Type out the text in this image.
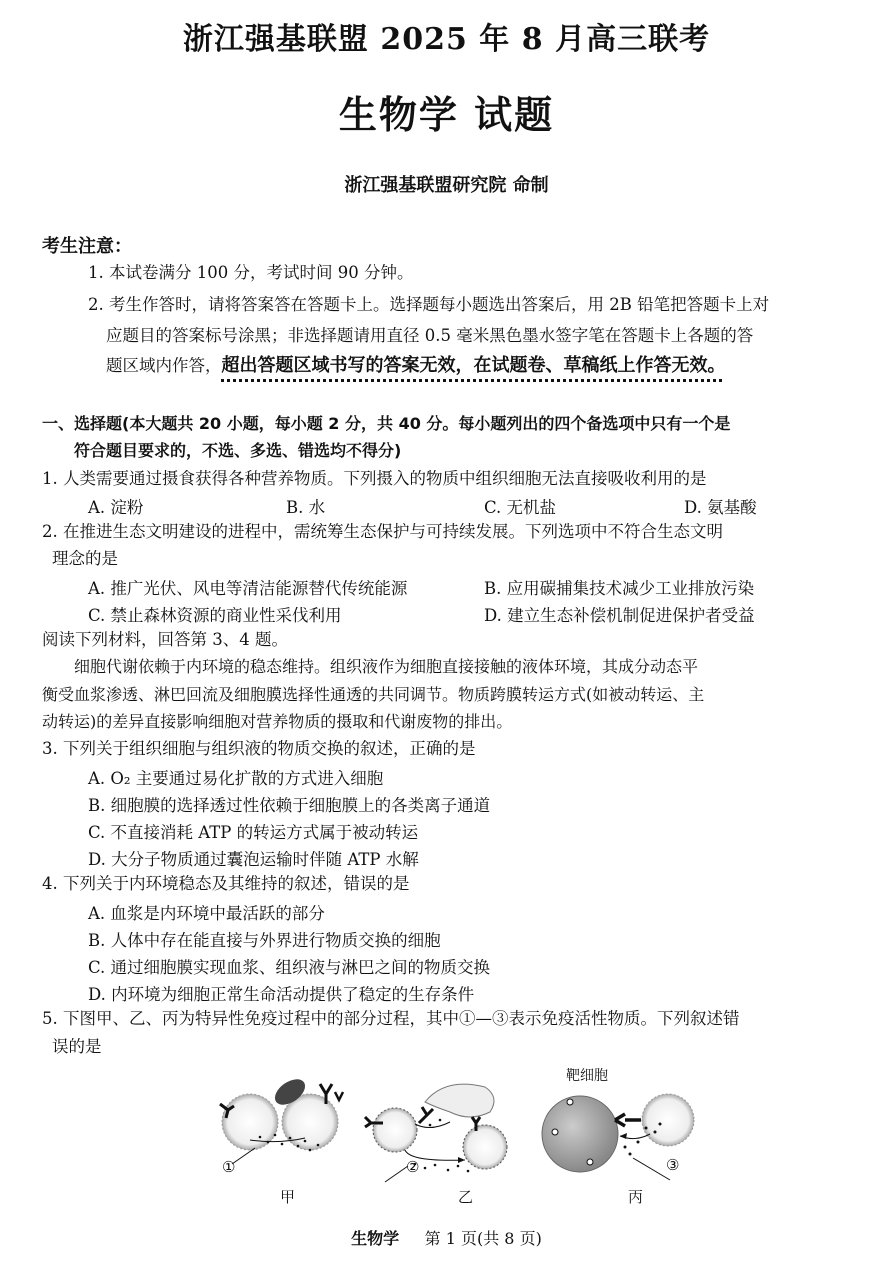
浙江强基联盟 2025 年 8 月高三联考
生物学 试题
浙江强基联盟研究院 命制
考生注意：
1. 本试卷满分 100 分，考试时间 90 分钟。
2. 考生作答时，请将答案答在答题卡上。选择题每小题选出答案后，用 2B 铅笔把答题卡上对
应题目的答案标号涂黑；非选择题请用直径 0.5 毫米黑色墨水签字笔在答题卡上各题的答
题区域内作答，超出答题区域书写的答案无效，在试题卷、草稿纸上作答无效。
一、选择题(本大题共 20 小题，每小题 2 分，共 40 分。每小题列出的四个备选项中只有一个是
符合题目要求的，不选、多选、错选均不得分)
1. 人类需要通过摄食获得各种营养物质。下列摄入的物质中组织细胞无法直接吸收利用的是
A. 淀粉	B. 水	C. 无机盐	D. 氨基酸
2. 在推进生态文明建设的进程中，需统筹生态保护与可持续发展。下列选项中不符合生态文明
理念的是
A. 推广光伏、风电等清洁能源替代传统能源	B. 应用碳捕集技术减少工业排放污染
C. 禁止森林资源的商业性采伐利用	D. 建立生态补偿机制促进保护者受益
阅读下列材料，回答第 3、4 题。
细胞代谢依赖于内环境的稳态维持。组织液作为细胞直接接触的液体环境，其成分动态平
衡受血浆渗透、淋巴回流及细胞膜选择性通透的共同调节。物质跨膜转运方式(如被动转运、主
动转运)的差异直接影响细胞对营养物质的摄取和代谢废物的排出。
3. 下列关于组织细胞与组织液的物质交换的叙述，正确的是
A. O₂ 主要通过易化扩散的方式进入细胞
B. 细胞膜的选择透过性依赖于细胞膜上的各类离子通道
C. 不直接消耗 ATP 的转运方式属于被动转运
D. 大分子物质通过囊泡运输时伴随 ATP 水解
4. 下列关于内环境稳态及其维持的叙述，错误的是
A. 血浆是内环境中最活跃的部分
B. 人体中存在能直接与外界进行物质交换的细胞
C. 通过细胞膜实现血浆、组织液与淋巴之间的物质交换
D. 内环境为细胞正常生命活动提供了稳定的生存条件
5. 下图甲、乙、丙为特异性免疫过程中的部分过程，其中①—③表示免疫活性物质。下列叙述错
误的是
靶细胞
①	②	③
甲	乙	丙
生物学 第 1 页(共 8 页)
